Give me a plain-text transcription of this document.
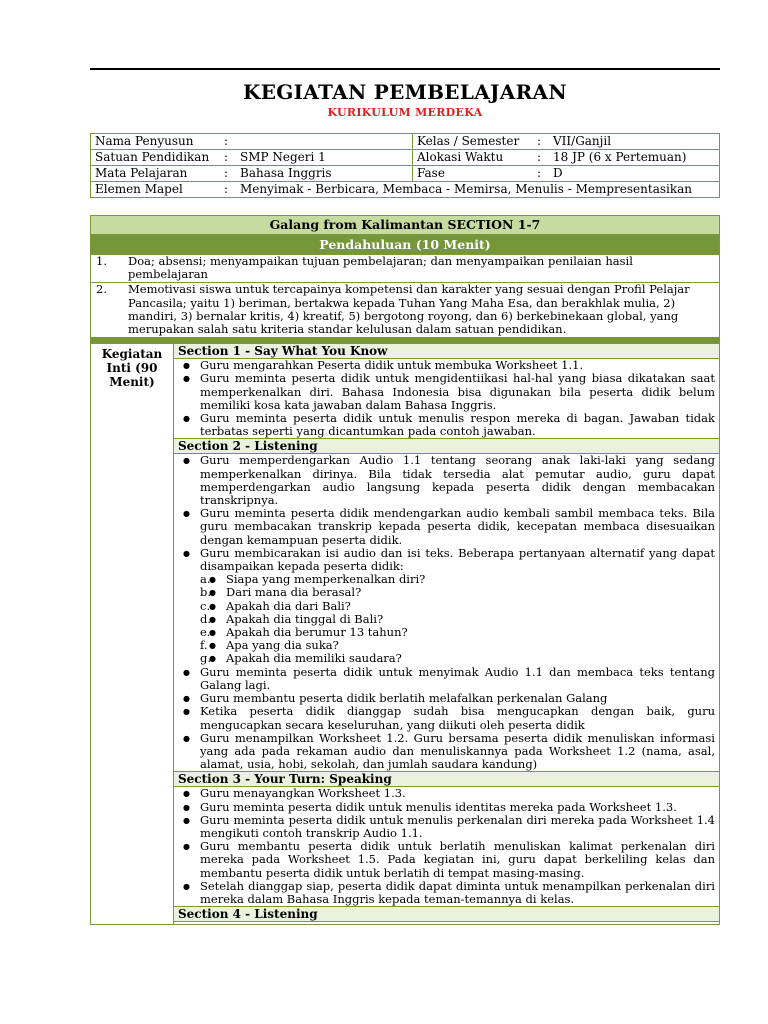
KEGIATAN PEMBELAJARAN
KURIKULUM MERDEKA
Nama Penyusun	:		Kelas / Semester	:	VII/Ganjil
Satuan Pendidikan	:	SMP Negeri 1	Alokasi Waktu	:	18 JP (6 x Pertemuan)
Mata Pelajaran	:	Bahasa Inggris	Fase	:	D
Elemen Mapel	:	Menyimak - Berbicara, Membaca - Memirsa, Menulis - Mempresentasikan			
Galang from Kalimantan SECTION 1-7
Pendahuluan (10 Menit)

1.	Doa; absensi; menyampaikan tujuan pembelajaran; dan menyampaikan penilaian hasil pembelajaran

2.	Memotivasi siswa untuk tercapainya kompetensi dan karakter yang sesuai dengan Profil Pelajar Pancasila; yaitu 1) beriman, bertakwa kepada Tuhan Yang Maha Esa, dan berakhlak mulia, 2) mandiri, 3) bernalar kritis, 4) kreatif, 5) bergotong royong, dan 6) berkebinekaan global, yang merupakan salah satu kriteria standar kelulusan dalam satuan pendidikan.

Kegiatan Inti (90 Menit)	Section 1 - Say What You Know

● Guru mengarahkan Peserta didik untuk membuka Worksheet 1.1.
● Guru meminta peserta didik untuk mengidentiikasi hal-hal yang biasa dikatakan saat memperkenalkan diri. Bahasa Indonesia bisa digunakan bila peserta didik belum memiliki kosa kata jawaban dalam Bahasa Inggris.
● Guru meminta peserta didik untuk menulis respon mereka di bagan. Jawaban tidak terbatas seperti yang dicantumkan pada contoh jawaban.

Section 2 - Listening

● Guru memperdengarkan Audio 1.1 tentang seorang anak laki-laki yang sedang memperkenalkan dirinya. Bila tidak tersedia alat pemutar audio, guru dapat memperdengarkan audio langsung kepada peserta didik dengan membacakan transkripnya.
● Guru meminta peserta didik mendengarkan audio kembali sambil membaca teks. Bila guru membacakan transkrip kepada peserta didik, kecepatan membaca disesuaikan dengan kemampuan peserta didik.
● Guru membicarakan isi audio dan isi teks. Beberapa pertanyaan alternatif yang dapat disampaikan kepada peserta didik:
● a. Siapa yang memperkenalkan diri?
● b. Dari mana dia berasal?
● c. Apakah dia dari Bali?
● d. Apakah dia tinggal di Bali?
● e. Apakah dia berumur 13 tahun?
● f. Apa yang dia suka?
● g. Apakah dia memiliki saudara?
● Guru meminta peserta didik untuk menyimak Audio 1.1 dan membaca teks tentang Galang lagi.
● Guru membantu peserta didik berlatih melafalkan perkenalan Galang
● Ketika peserta didik dianggap sudah bisa mengucapkan dengan baik, guru mengucapkan secara keseluruhan, yang diikuti oleh peserta didik
● Guru menampilkan Worksheet 1.2. Guru bersama peserta didik menuliskan informasi yang ada pada rekaman audio dan menuliskannya pada Worksheet 1.2 (nama, asal, alamat, usia, hobi, sekolah, dan jumlah saudara kandung)

Section 3 - Your Turn: Speaking

● Guru menayangkan Worksheet 1.3.
● Guru meminta peserta didik untuk menulis identitas mereka pada Worksheet 1.3.
● Guru meminta peserta didik untuk menulis perkenalan diri mereka pada Worksheet 1.4 mengikuti contoh transkrip Audio 1.1.
● Guru membantu peserta didik untuk berlatih menuliskan kalimat perkenalan diri mereka pada Worksheet 1.5. Pada kegiatan ini, guru dapat berkeliling kelas dan membantu peserta didik untuk berlatih di tempat masing-masing.
● Setelah dianggap siap, peserta didik dapat diminta untuk menampilkan perkenalan diri mereka dalam Bahasa Inggris kepada teman-temannya di kelas.

Section 4 - Listening
